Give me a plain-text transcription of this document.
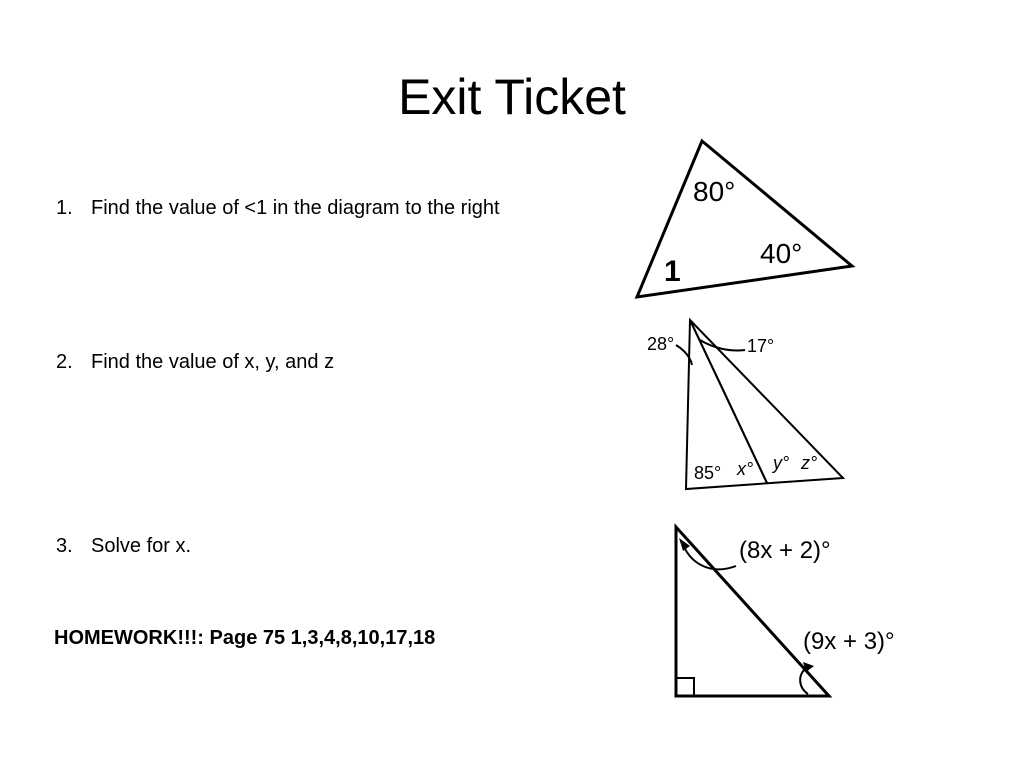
Exit Ticket
1. Find the value of <1 in the diagram to the right
2. Find the value of x, y, and z
3. Solve for x.
HOMEWORK!!!: Page 75 1,3,4,8,10,17,18
80°
40°
1
28°	17°
85° x° y° z°
(8x + 2)°
(9x + 3)°
